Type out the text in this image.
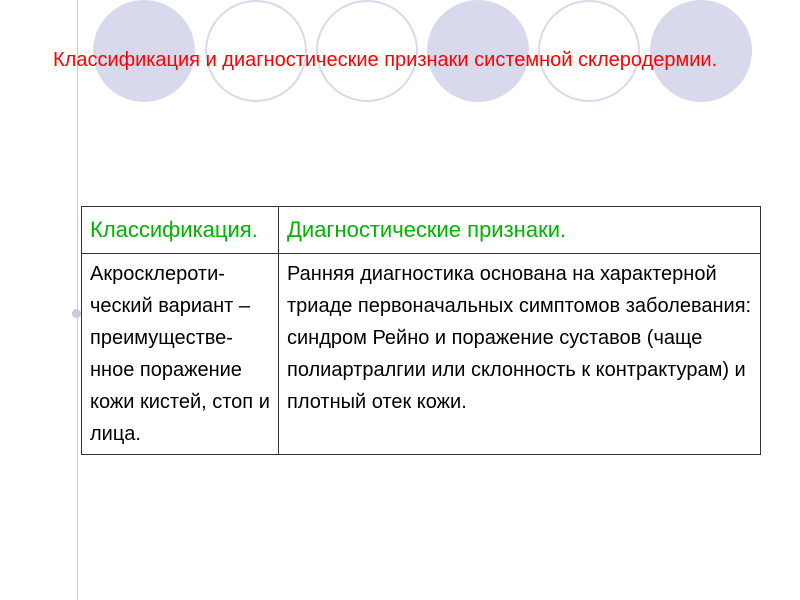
Классификация и диагностические признаки системной склеродермии.
Классификация.	Диагностические признаки.
Акросклеротический вариант – преимущественное поражение кожи кистей, стоп и лица.	Ранняя диагностика основана на характерной триаде первоначальных симптомов заболевания: синдром Рейно и поражение суставов (чаще полиартралгии или склонность к контрактурам) и плотный отек кожи.
